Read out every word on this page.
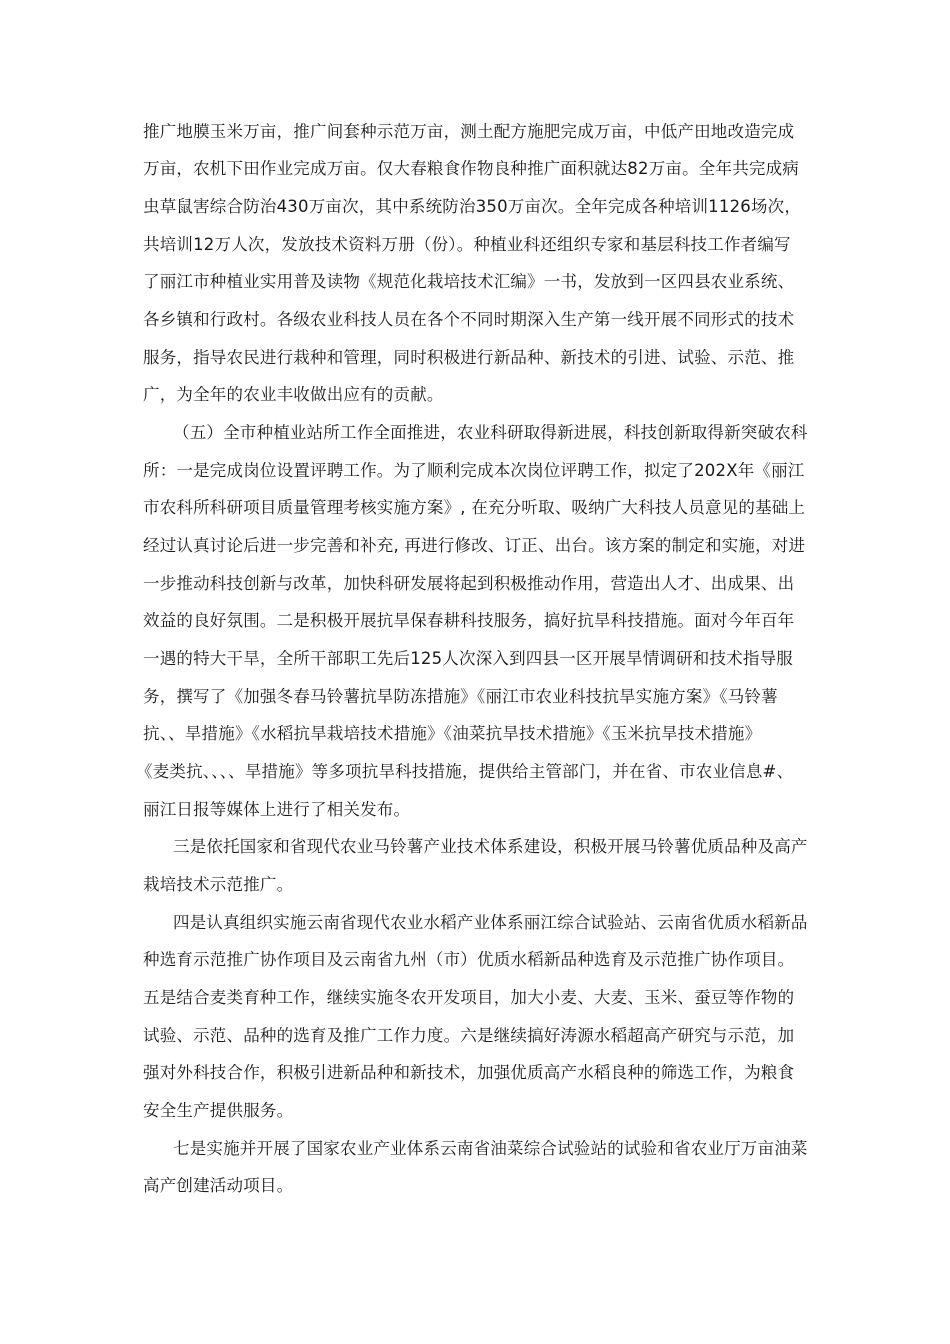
推广地膜玉米万亩，推广间套种示范万亩，测土配方施肥完成万亩，中低产田地改造完成
万亩，农机下田作业完成万亩。仅大春粮食作物良种推广面积就达82万亩。全年共完成病
虫草鼠害综合防治430万亩次，其中系统防治350万亩次。全年完成各种培训1126场次，
共培训12万人次，发放技术资料万册（份）。种植业科还组织专家和基层科技工作者编写
了丽江市种植业实用普及读物《规范化栽培技术汇编》一书，发放到一区四县农业系统、
各乡镇和行政村。各级农业科技人员在各个不同时期深入生产第一线开展不同形式的技术
服务，指导农民进行栽种和管理，同时积极进行新品种、新技术的引进、试验、示范、推
广，为全年的农业丰收做出应有的贡献。
（五）全市种植业站所工作全面推进，农业科研取得新进展，科技创新取得新突破农科
所：一是完成岗位设置评聘工作。为了顺利完成本次岗位评聘工作，拟定了202X年《丽江
市农科所科研项目质量管理考核实施方案》, 在充分听取、吸纳广大科技人员意见的基础上
经过认真讨论后进一步完善和补充, 再进行修改、订正、出台。该方案的制定和实施，对进
一步推动科技创新与改革，加快科研发展将起到积极推动作用，营造出人才、出成果、出
效益的良好氛围。二是积极开展抗旱保春耕科技服务，搞好抗旱科技措施。面对今年百年
一遇的特大干旱，全所干部职工先后125人次深入到四县一区开展旱情调研和技术指导服
务，撰写了《加强冬春马铃薯抗旱防冻措施》《丽江市农业科技抗旱实施方案》《马铃薯
抗、、旱措施》《水稻抗旱栽培技术措施》《油菜抗旱技术措施》《玉米抗旱技术措施》
《麦类抗、、、、旱措施》等多项抗旱科技措施，提供给主管部门，并在省、市农业信息#、
丽江日报等媒体上进行了相关发布。
三是依托国家和省现代农业马铃薯产业技术体系建设，积极开展马铃薯优质品种及高产
栽培技术示范推广。
四是认真组织实施云南省现代农业水稻产业体系丽江综合试验站、云南省优质水稻新品
种选育示范推广协作项目及云南省九州（市）优质水稻新品种选育及示范推广协作项目。
五是结合麦类育种工作，继续实施冬农开发项目，加大小麦、大麦、玉米、蚕豆等作物的
试验、示范、品种的选育及推广工作力度。六是继续搞好涛源水稻超高产研究与示范，加
强对外科技合作，积极引进新品种和新技术，加强优质高产水稻良种的筛选工作，为粮食
安全生产提供服务。
七是实施并开展了国家农业产业体系云南省油菜综合试验站的试验和省农业厅万亩油菜
高产创建活动项目。
